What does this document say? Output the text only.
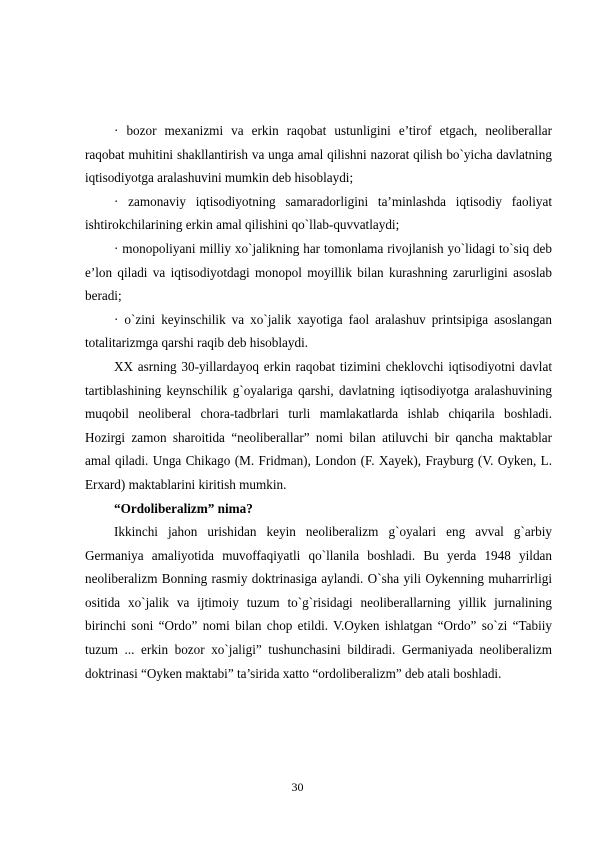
· bozor mexanizmi va erkin raqobat ustunligini e’tirof etgach, neoliberallar raqobat muhitini shakllantirish va unga amal qilishni nazorat qilish bo`yicha davlatning iqtisodiyotga aralashuvini mumkin deb hisoblaydi;

· zamonaviy iqtisodiyotning samaradorligini ta’minlashda iqtisodiy faoliyat ishtirokchilarining erkin amal qilishini qo`llab-quvvatlaydi;

· monopoliyani milliy xo`jalikning har tomonlama rivojlanish yo`lidagi to`siq deb e’lon qiladi va iqtisodiyotdagi monopol moyillik bilan kurashning zarurligini asoslab beradi;

· o`zini keyinschilik va xo`jalik xayotiga faol aralashuv printsipiga asoslangan totalitarizmga qarshi raqib deb hisoblaydi.

XX asrning 30-yillardayoq erkin raqobat tizimini cheklovchi iqtisodiyotni davlat tartiblashining keynschilik g`oyalariga qarshi, davlatning iqtisodiyotga aralashuvining muqobil neoliberal chora-tadbrlari turli mamlakatlarda ishlab chiqarila boshladi. Hozirgi zamon sharoitida “neoliberallar” nomi bilan atiluvchi bir qancha maktablar amal qiladi. Unga Chikago (M. Fridman), London (F. Xayek), Frayburg (V. Oyken, L. Erxard) maktablarini kiritish mumkin.

“Ordoliberalizm” nima?

Ikkinchi jahon urishidan keyin neoliberalizm g`oyalari eng avval g`arbiy Germaniya amaliyotida muvoffaqiyatli qo`llanila boshladi. Bu yerda 1948 yildan neoliberalizm Bonning rasmiy doktrinasiga aylandi. O`sha yili Oykenning muharrirligi ositida xo`jalik va ijtimoiy tuzum to`g`risidagi neoliberallarning yillik jurnalining birinchi soni “Ordo” nomi bilan chop etildi. V.Oyken ishlatgan “Ordo” so`zi “Tabiiy tuzum ... erkin bozor xo`jaligi” tushunchasini bildiradi. Germaniyada neoliberalizm doktrinasi “Oyken maktabi” ta’sirida xatto “ordoliberalizm” deb atali boshladi.

30
